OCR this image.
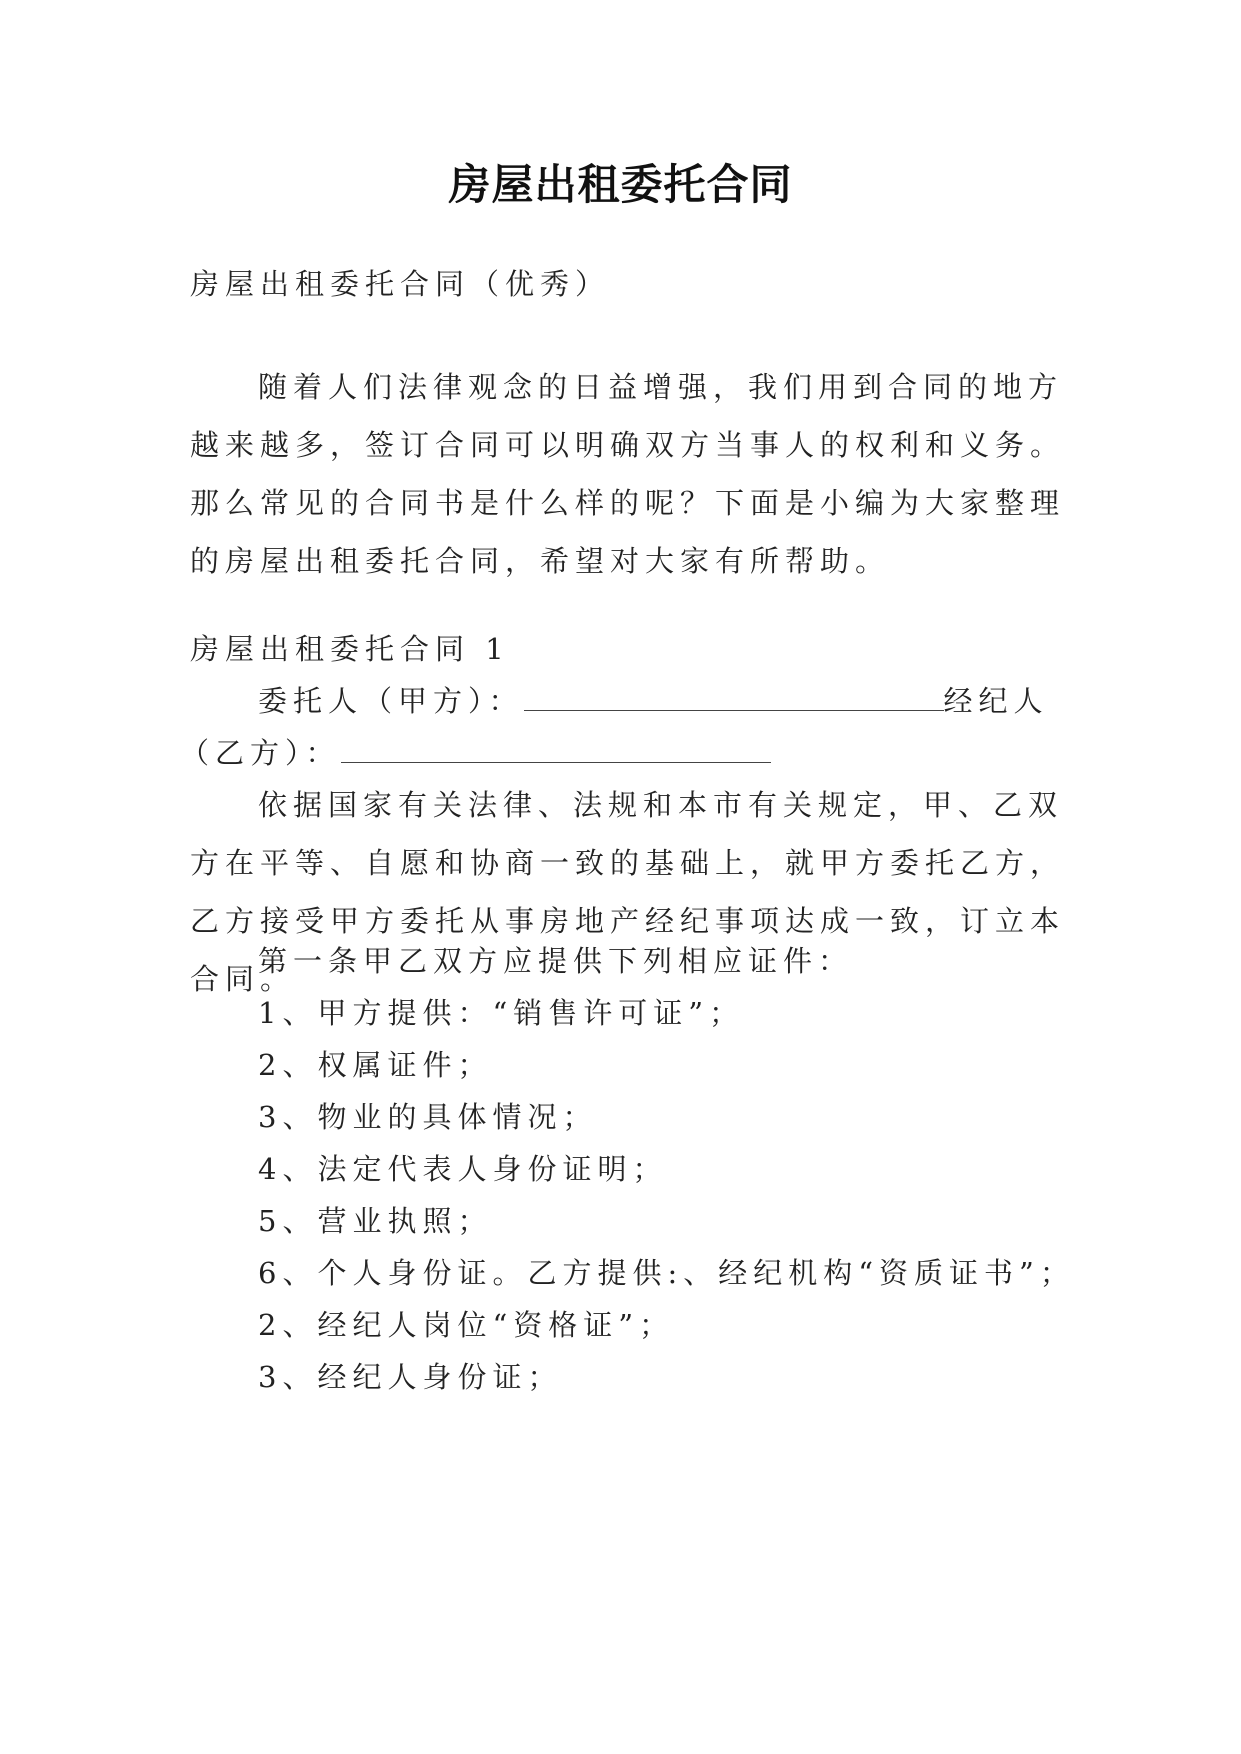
房屋出租委托合同

房屋出租委托合同（优秀）

随着人们法律观念的日益增强，我们用到合同的地方越来越多，签订合同可以明确双方当事人的权利和义务。那么常见的合同书是什么样的呢？下面是小编为大家整理的房屋出租委托合同，希望对大家有所帮助。

房屋出租委托合同 1

委托人（甲方）：	经纪人
（乙方）：

依据国家有关法律、法规和本市有关规定，甲、乙双方在平等、自愿和协商一致的基础上，就甲方委托乙方，乙方接受甲方委托从事房地产经纪事项达成一致，订立本合同。

第一条甲乙双方应提供下列相应证件：

1、甲方提供：“销售许可证”；

2、权属证件；

3、物业的具体情况；

4、法定代表人身份证明；

5、营业执照；

6、个人身份证。乙方提供:、经纪机构“资质证书”；

2、经纪人岗位“资格证”；

3、经纪人身份证；
